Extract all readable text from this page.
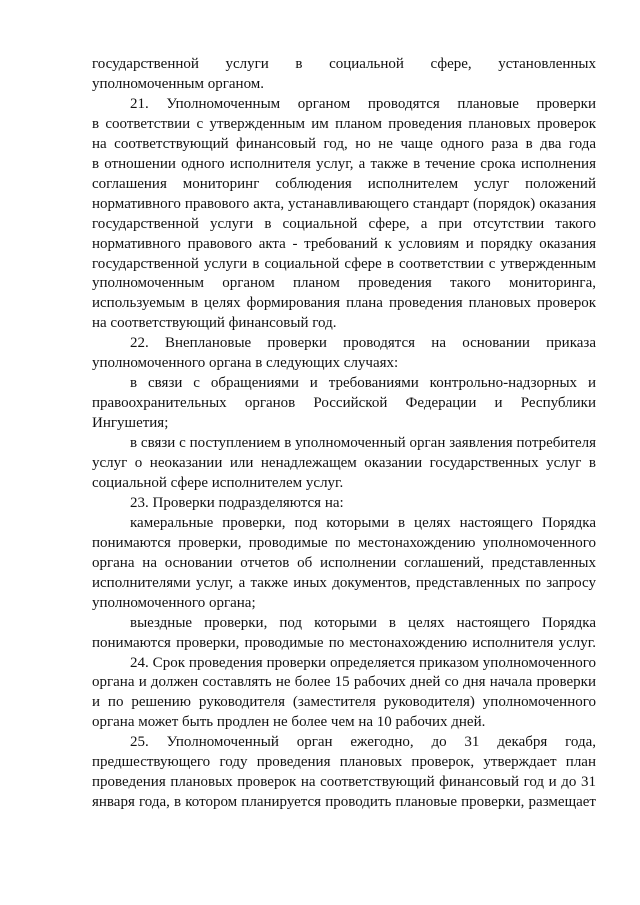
государственной услуги в социальной сфере, установленных
уполномоченным органом.
21. Уполномоченным органом проводятся плановые проверки
в соответствии с утвержденным им планом проведения плановых проверок
на соответствующий финансовый год, но не чаще одного раза в два года
в отношении одного исполнителя услуг, а также в течение срока исполнения
соглашения мониторинг соблюдения исполнителем услуг положений
нормативного правового акта, устанавливающего стандарт (порядок) оказания
государственной услуги в социальной сфере, а при отсутствии такого
нормативного правового акта - требований к условиям и порядку оказания
государственной услуги в социальной сфере в соответствии с утвержденным
уполномоченным органом планом проведения такого мониторинга,
используемым в целях формирования плана проведения плановых проверок
на соответствующий финансовый год.
22. Внеплановые проверки проводятся на основании приказа
уполномоченного органа в следующих случаях:
в связи с обращениями и требованиями контрольно-надзорных и
правоохранительных органов Российской Федерации и Республики
Ингушетия;
в связи с поступлением в уполномоченный орган заявления потребителя
услуг о неоказании или ненадлежащем оказании государственных услуг в
социальной сфере исполнителем услуг.
23. Проверки подразделяются на:
камеральные проверки, под которыми в целях настоящего Порядка
понимаются проверки, проводимые по местонахождению уполномоченного
органа на основании отчетов об исполнении соглашений, представленных
исполнителями услуг, а также иных документов, представленных по запросу
уполномоченного органа;
выездные проверки, под которыми в целях настоящего Порядка
понимаются проверки, проводимые по местонахождению исполнителя услуг.
24. Срок проведения проверки определяется приказом уполномоченного
органа и должен составлять не более 15 рабочих дней со дня начала проверки
и по решению руководителя (заместителя руководителя) уполномоченного
органа может быть продлен не более чем на 10 рабочих дней.
25. Уполномоченный орган ежегодно, до 31 декабря года,
предшествующего году проведения плановых проверок, утверждает план
проведения плановых проверок на соответствующий финансовый год и до 31
января года, в котором планируется проводить плановые проверки, размещает
